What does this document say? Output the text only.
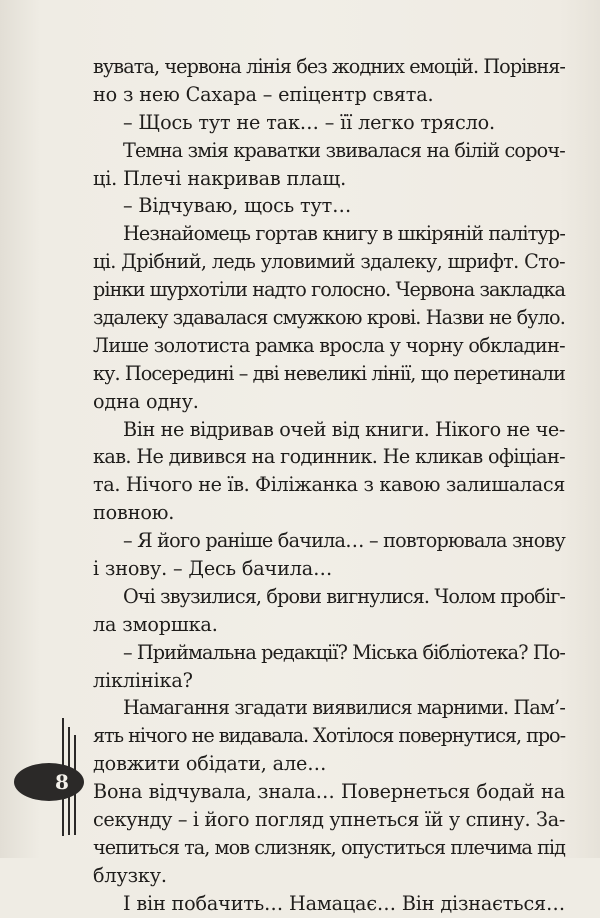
вувата, червона лінія без жодних емоцій. Порівня-
но з нею Сахара – епіцентр свята.
– Щось тут не так… – її легко трясло.
Темна змія краватки звивалася на білій сороч-
ці. Плечі накривав плащ.
– Відчуваю, щось тут…
Незнайомець гортав книгу в шкіряній палітур-
ці. Дрібний, ледь уловимий здалеку, шрифт. Сто-
рінки шурхотіли надто голосно. Червона закладка
здалеку здавалася смужкою крові. Назви не було.
Лише золотиста рамка вросла у чорну обкладин-
ку. Посередині – дві невеликі лінії, що перетинали
одна одну.
Він не відривав очей від книги. Нікого не че-
кав. Не дивився на годинник. Не кликав офіціан-
та. Нічого не їв. Філіжанка з кавою залишалася
повною.
– Я його раніше бачила… – повторювала знову
і знову. – Десь бачила…
Очі звузилися, брови вигнулися. Чолом пробіг-
ла зморшка.
– Приймальна редакції? Міська бібліотека? По-
ліклініка?
Намагання згадати виявилися марними. Пам’-
ять нічого не видавала. Хотілося повернутися, про-
довжити обідати, але…
Вона відчувала, знала… Повернеться бодай на
секунду – і його погляд упнеться їй у спину. За-
чепиться та, мов слизняк, опуститься плечима під
блузку.
І він побачить… Намацає… Він дізнається…
8
